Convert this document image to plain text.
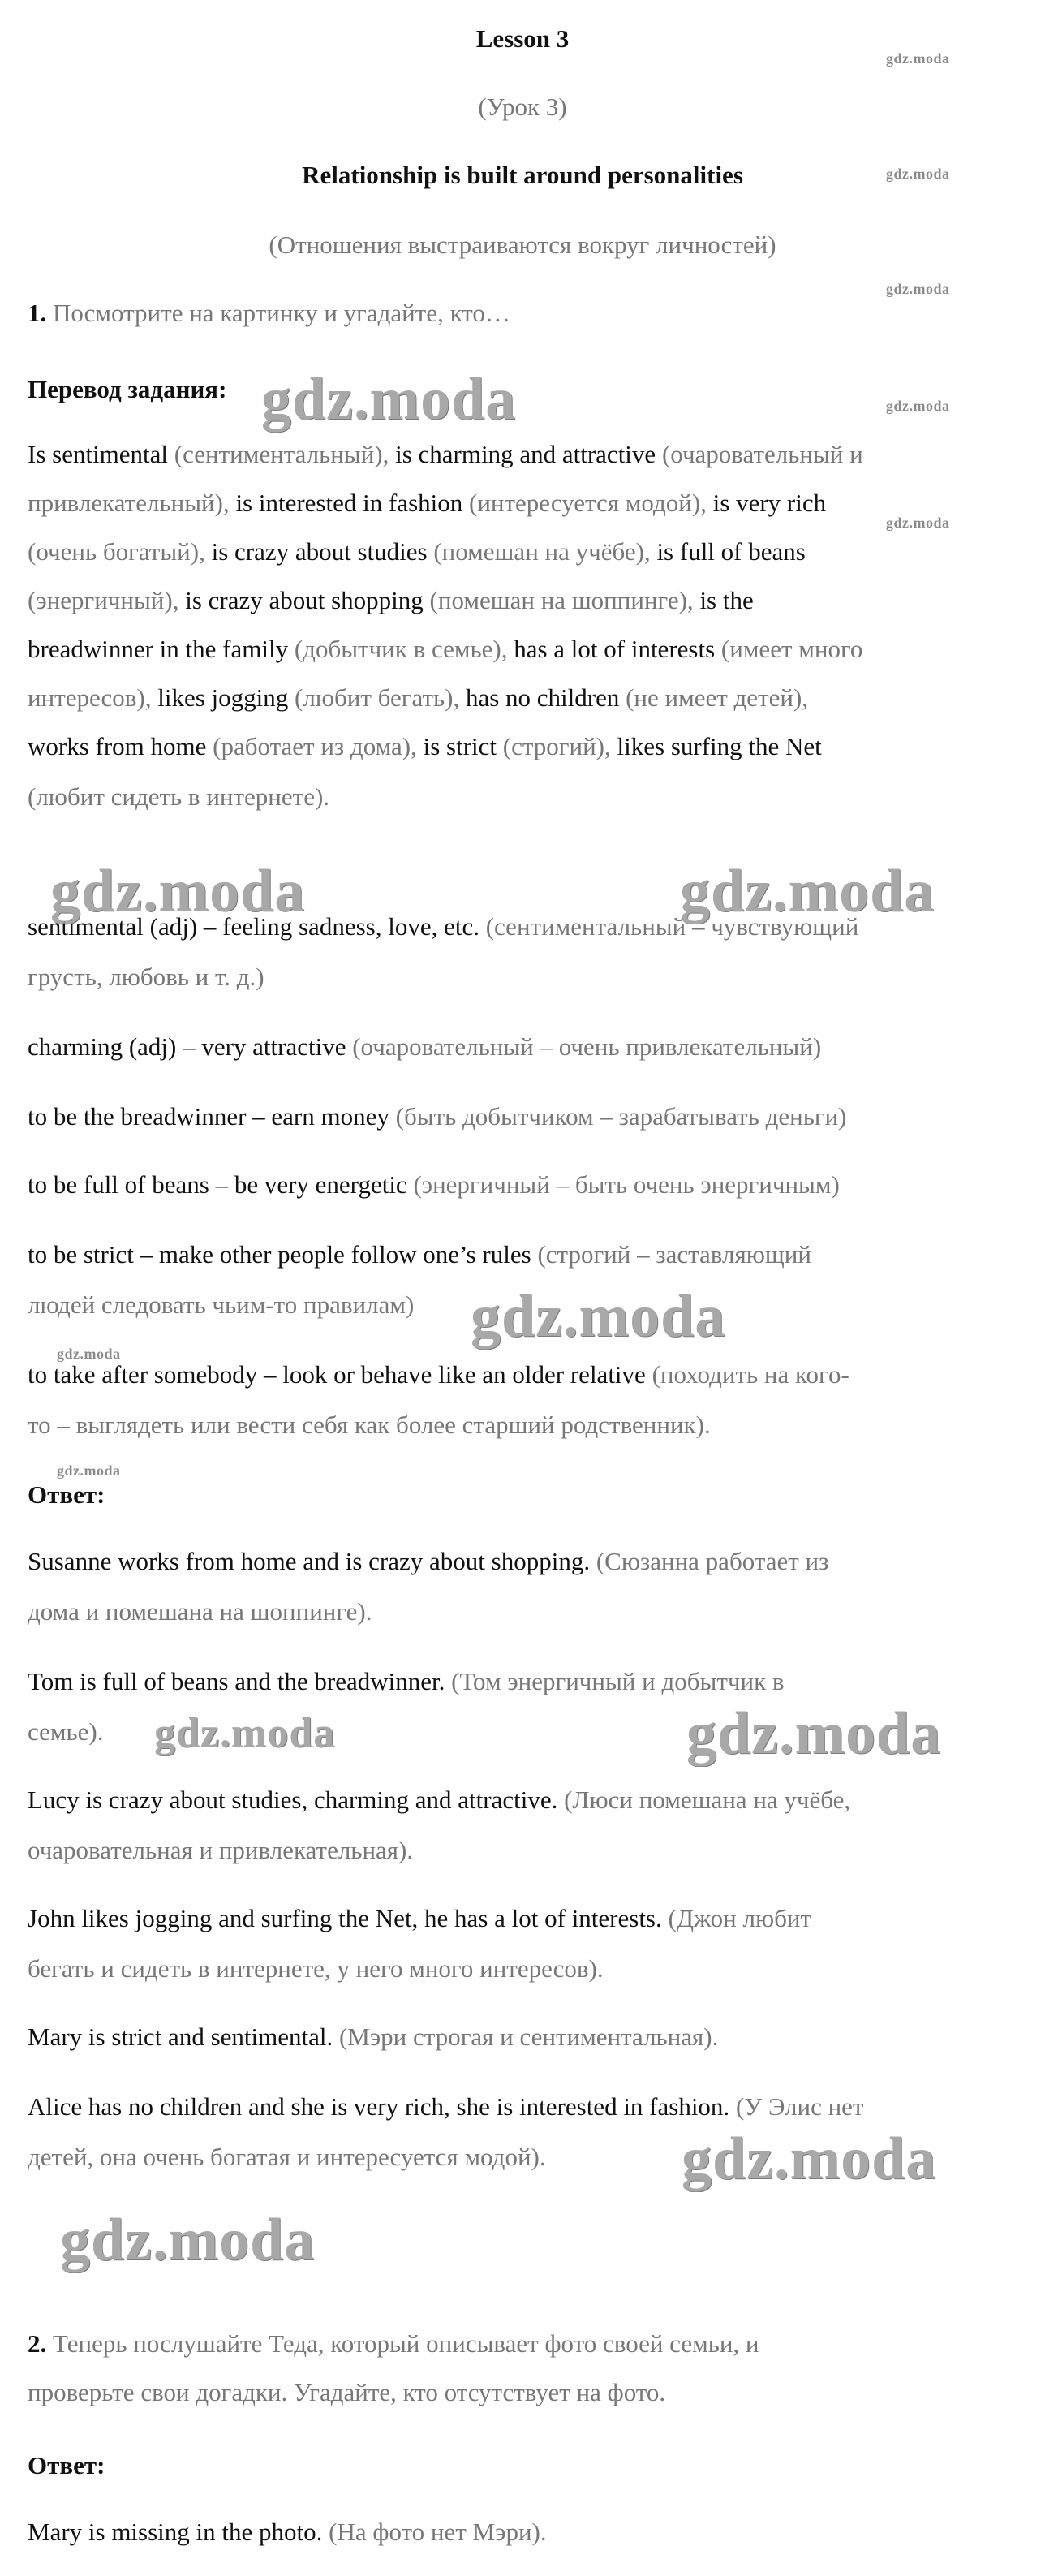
Lesson 3
(Урок 3)
Relationship is built around personalities
(Отношения выстраиваются вокруг личностей)
1. Посмотрите на картинку и угадайте, кто…
Перевод задания:
Is sentimental (сентиментальный), is charming and attractive (очаровательный и
привлекательный), is interested in fashion (интересуется модой), is very rich
(очень богатый), is crazy about studies (помешан на учёбе), is full of beans
(энергичный), is crazy about shopping (помешан на шоппинге), is the
breadwinner in the family (добытчик в семье), has a lot of interests (имеет много
интересов), likes jogging (любит бегать), has no children (не имеет детей),
works from home (работает из дома), is strict (строгий), likes surfing the Net
(любит сидеть в интернете).
sentimental (adj) – feeling sadness, love, etc. (сентиментальный – чувствующий
грусть, любовь и т. д.)
charming (adj) – very attractive (очаровательный – очень привлекательный)
to be the breadwinner – earn money (быть добытчиком – зарабатывать деньги)
to be full of beans – be very energetic (энергичный – быть очень энергичным)
to be strict – make other people follow one’s rules (строгий – заставляющий
людей следовать чьим-то правилам)
to take after somebody – look or behave like an older relative (походить на кого-
то – выглядеть или вести себя как более старший родственник).
Ответ:
Susanne works from home and is crazy about shopping. (Сюзанна работает из
дома и помешана на шоппинге).
Tom is full of beans and the breadwinner. (Том энергичный и добытчик в
семье).
Lucy is crazy about studies, charming and attractive. (Люси помешана на учёбе,
очаровательная и привлекательная).
John likes jogging and surfing the Net, he has a lot of interests. (Джон любит
бегать и сидеть в интернете, у него много интересов).
Mary is strict and sentimental. (Мэри строгая и сентиментальная).
Alice has no children and she is very rich, she is interested in fashion. (У Элис нет
детей, она очень богатая и интересуется модой).
2. Теперь послушайте Теда, который описывает фото своей семьи, и
проверьте свои догадки. Угадайте, кто отсутствует на фото.
Ответ:
Mary is missing in the photo. (На фото нет Мэри).
gdz.moda
gdz.moda
gdz.moda
gdz.moda
gdz.moda
gdz.moda
gdz.moda
gdz.moda
gdz.moda	gdz.moda
gdz.moda
gdz.moda	gdz.moda
gdz.moda
gdz.moda
